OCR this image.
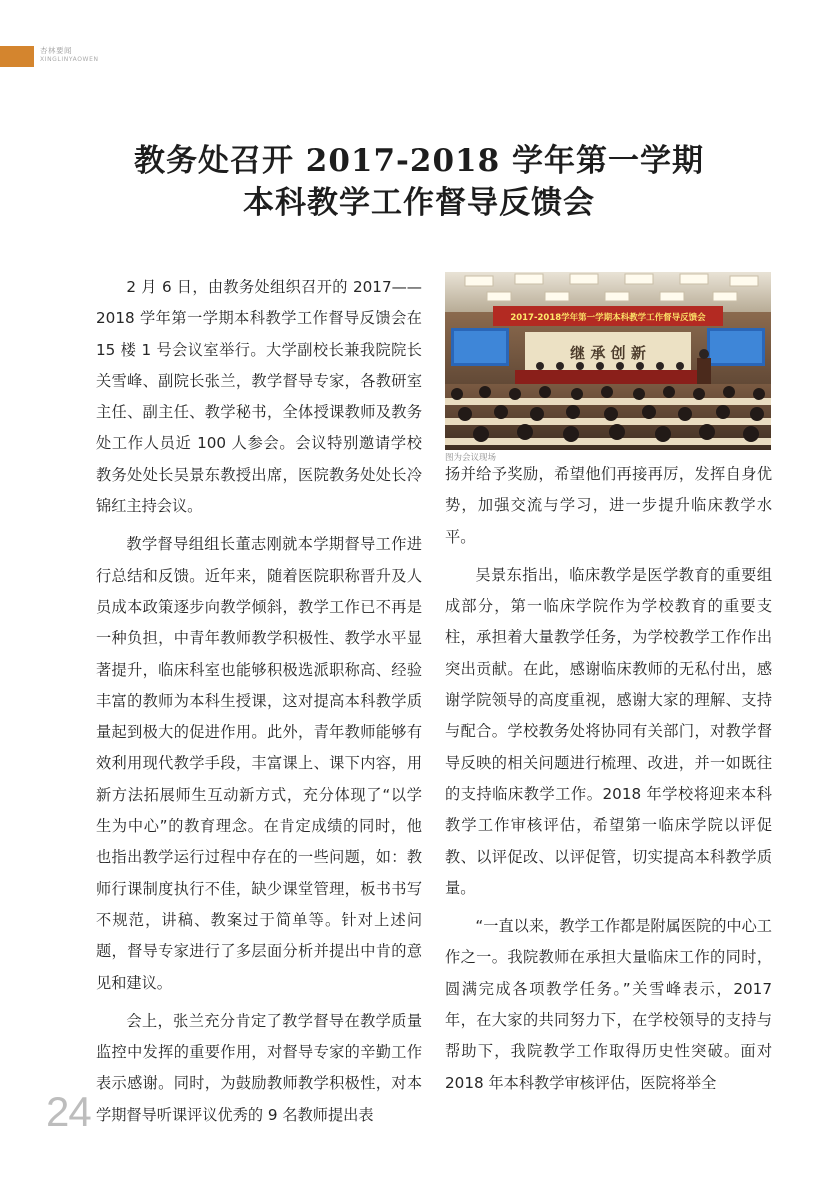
杏林要闻
XINGLINYAOWEN
教务处召开 2017-2018 学年第一学期
本科教学工作督导反馈会

2 月 6 日，由教务处组织召开的 2017——2018 学年第一学期本科教学工作督导反馈会在 15 楼 1 号会议室举行。大学副校长兼我院院长关雪峰、副院长张兰，教学督导专家，各教研室主任、副主任、教学秘书，全体授课教师及教务处工作人员近 100 人参会。会议特别邀请学校教务处处长吴景东教授出席，医院教务处处长冷锦红主持会议。

教学督导组组长董志刚就本学期督导工作进行总结和反馈。近年来，随着医院职称晋升及人员成本政策逐步向教学倾斜，教学工作已不再是一种负担，中青年教师教学积极性、教学水平显著提升，临床科室也能够积极选派职称高、经验丰富的教师为本科生授课，这对提高本科教学质量起到极大的促进作用。此外，青年教师能够有效利用现代教学手段，丰富课上、课下内容，用新方法拓展师生互动新方式，充分体现了“以学生为中心”的教育理念。在肯定成绩的同时，他也指出教学运行过程中存在的一些问题，如：教师行课制度执行不佳，缺少课堂管理，板书书写不规范，讲稿、教案过于简单等。针对上述问题，督导专家进行了多层面分析并提出中肯的意见和建议。

会上，张兰充分肯定了教学督导在教学质量监控中发挥的重要作用，对督导专家的辛勤工作表示感谢。同时，为鼓励教师教学积极性，对本学期督导听课评议优秀的 9 名教师提出表

2017-2018学年第一学期本科教学工作督导反馈会
继 承 创 新
图为会议现场

扬并给予奖励，希望他们再接再厉，发挥自身优势，加强交流与学习，进一步提升临床教学水平。

吴景东指出，临床教学是医学教育的重要组成部分，第一临床学院作为学校教育的重要支柱，承担着大量教学任务，为学校教学工作作出突出贡献。在此，感谢临床教师的无私付出，感谢学院领导的高度重视，感谢大家的理解、支持与配合。学校教务处将协同有关部门，对教学督导反映的相关问题进行梳理、改进，并一如既往的支持临床教学工作。2018 年学校将迎来本科教学工作审核评估，希望第一临床学院以评促教、以评促改、以评促管，切实提高本科教学质量。

“一直以来，教学工作都是附属医院的中心工作之一。我院教师在承担大量临床工作的同时，圆满完成各项教学任务。”关雪峰表示，2017 年，在大家的共同努力下，在学校领导的支持与帮助下，我院教学工作取得历史性突破。面对 2018 年本科教学审核评估，医院将举全

24
